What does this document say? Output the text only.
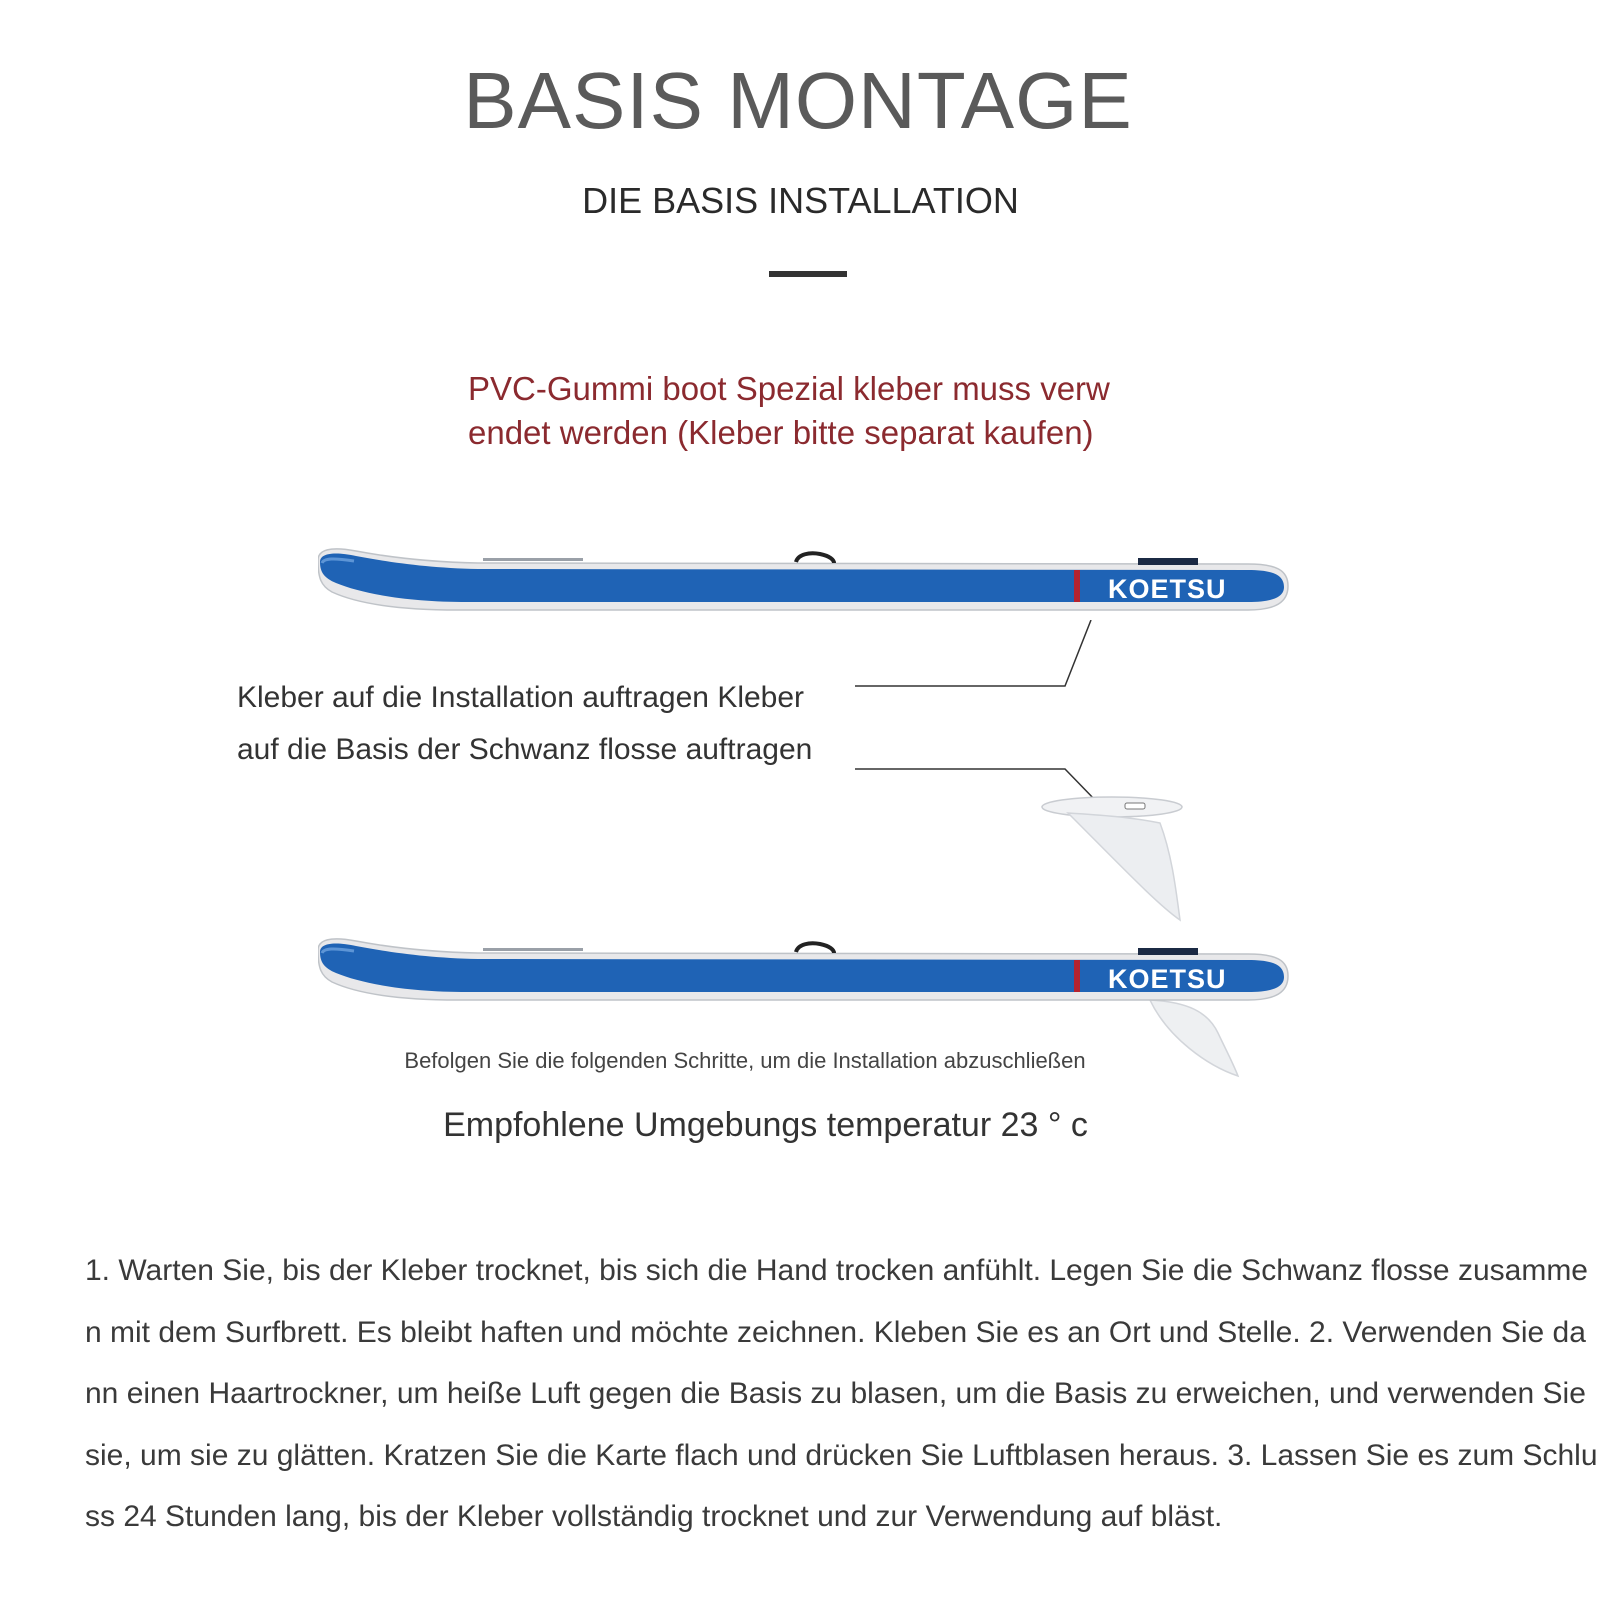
BASIS MONTAGE
DIE BASIS INSTALLATION
PVC-Gummi boot Spezial kleber muss verw
endet werden (Kleber bitte separat kaufen)
KOETSU
Kleber auf die Installation auftragen Kleber
auf die Basis der Schwanz flosse auftragen
KOETSU
Befolgen Sie die folgenden Schritte, um die Installation abzuschließen
Empfohlene Umgebungs temperatur 23 ° c
1. Warten Sie, bis der Kleber trocknet, bis sich die Hand trocken anfühlt. Legen Sie die Schwanz flosse zusammen mit dem Surfbrett. Es bleibt haften und möchte zeichnen. Kleben Sie es an Ort und Stelle. 2. Verwenden Sie dann einen Haartrockner, um heiße Luft gegen die Basis zu blasen, um die Basis zu erweichen, und verwenden Sie sie, um sie zu glätten. Kratzen Sie die Karte flach und drücken Sie Luftblasen heraus. 3. Lassen Sie es zum Schluss 24 Stunden lang, bis der Kleber vollständig trocknet und zur Verwendung auf bläst.
